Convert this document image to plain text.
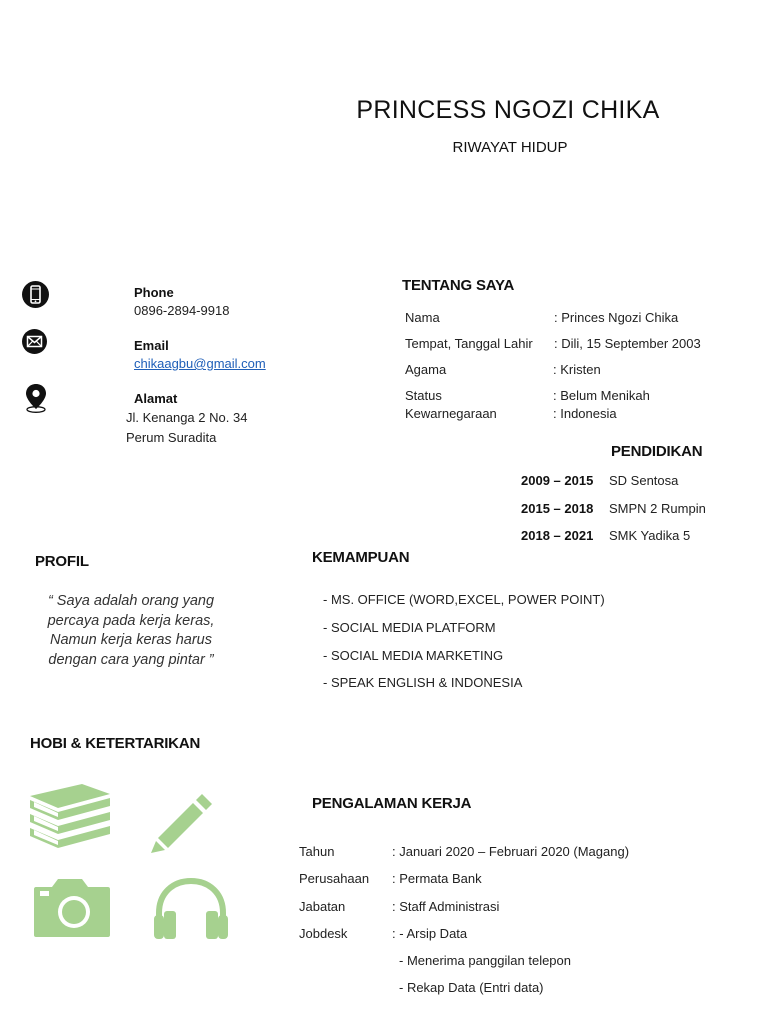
PRINCESS NGOZI CHIKA
RIWAYAT HIDUP
Phone
0896-2894-9918
Email
chikaagbu@gmail.com
Alamat
Jl. Kenanga 2 No. 34
Perum Suradita
TENTANG SAYA
Nama	: Princes Ngozi Chika
Tempat, Tanggal Lahir : Dili, 15 September 2003
Agama	: Kristen
Status	: Belum Menikah
Kewarnegaraan	: Indonesia
PENDIDIKAN
2009 – 2015 SD Sentosa
2015 – 2018 SMPN 2 Rumpin
2018 – 2021 SMK Yadika 5
PROFIL
“ Saya adalah orang yang
percaya pada kerja keras,
Namun kerja keras harus
dengan cara yang pintar ”
KEMAMPUAN
- MS. OFFICE (WORD,EXCEL, POWER POINT)
- SOCIAL MEDIA PLATFORM
- SOCIAL MEDIA MARKETING
- SPEAK ENGLISH & INDONESIA
HOBI & KETERTARIKAN
PENGALAMAN KERJA
Tahun	: Januari 2020 – Februari 2020 (Magang)
Perusahaan : Permata Bank
Jabatan	: Staff Administrasi
Jobdesk	: - Arsip Data
- Menerima panggilan telepon
- Rekap Data (Entri data)
